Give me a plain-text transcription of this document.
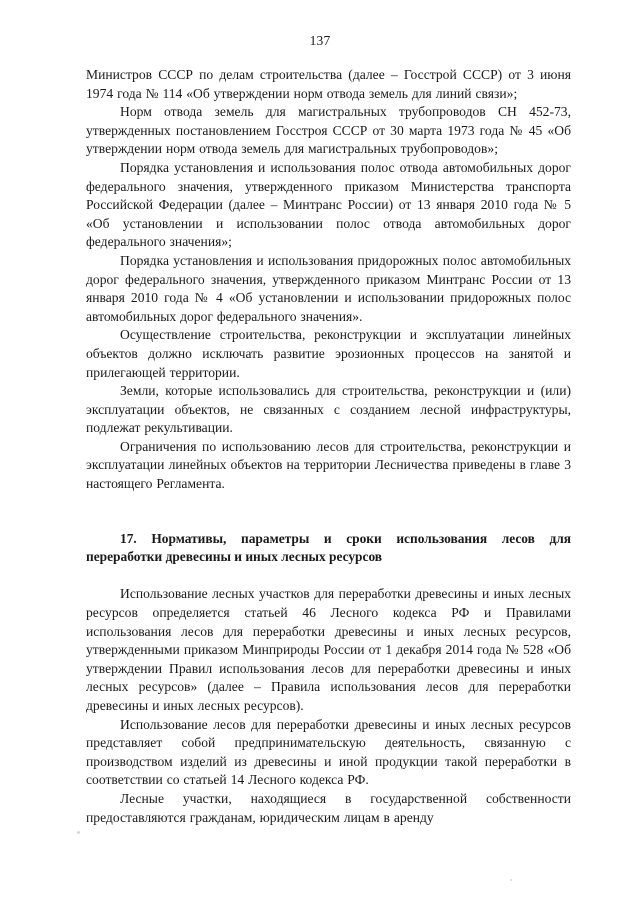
137

Министров СССР по делам строительства (далее – Госстрой СССР) от 3 июня 1974 года № 114 «Об утверждении норм отвода земель для линий связи»;

Норм отвода земель для магистральных трубопроводов СН 452-73, утвержденных постановлением Госстроя СССР от 30 марта 1973 года № 45 «Об утверждении норм отвода земель для магистральных трубопроводов»;

Порядка установления и использования полос отвода автомобильных дорог федерального значения, утвержденного приказом Министерства транспорта Российской Федерации (далее – Минтранс России) от 13 января 2010 года № 5 «Об установлении и использовании полос отвода автомобильных дорог федерального значения»;

Порядка установления и использования придорожных полос автомобильных дорог федерального значения, утвержденного приказом Минтранс России от 13 января 2010 года № 4 «Об установлении и использовании придорожных полос автомобильных дорог федерального значения».

Осуществление строительства, реконструкции и эксплуатации линейных объектов должно исключать развитие эрозионных процессов на занятой и прилегающей территории.

Земли, которые использовались для строительства, реконструкции и (или) эксплуатации объектов, не связанных с созданием лесной инфраструктуры, подлежат рекультивации.

Ограничения по использованию лесов для строительства, реконструкции и эксплуатации линейных объектов на территории Лесничества приведены в главе 3 настоящего Регламента.

17. Нормативы, параметры и сроки использования лесов для переработки древесины и иных лесных ресурсов

Использование лесных участков для переработки древесины и иных лесных ресурсов определяется статьей 46 Лесного кодекса РФ и Правилами использования лесов для переработки древесины и иных лесных ресурсов, утвержденными приказом Минприроды России от 1 декабря 2014 года № 528 «Об утверждении Правил использования лесов для переработки древесины и иных лесных ресурсов» (далее – Правила использования лесов для переработки древесины и иных лесных ресурсов).

Использование лесов для переработки древесины и иных лесных ресурсов представляет собой предпринимательскую деятельность, связанную с производством изделий из древесины и иной продукции такой переработки в соответствии со статьей 14 Лесного кодекса РФ.

Лесные участки, находящиеся в государственной собственности предоставляются гражданам, юридическим лицам в аренду
